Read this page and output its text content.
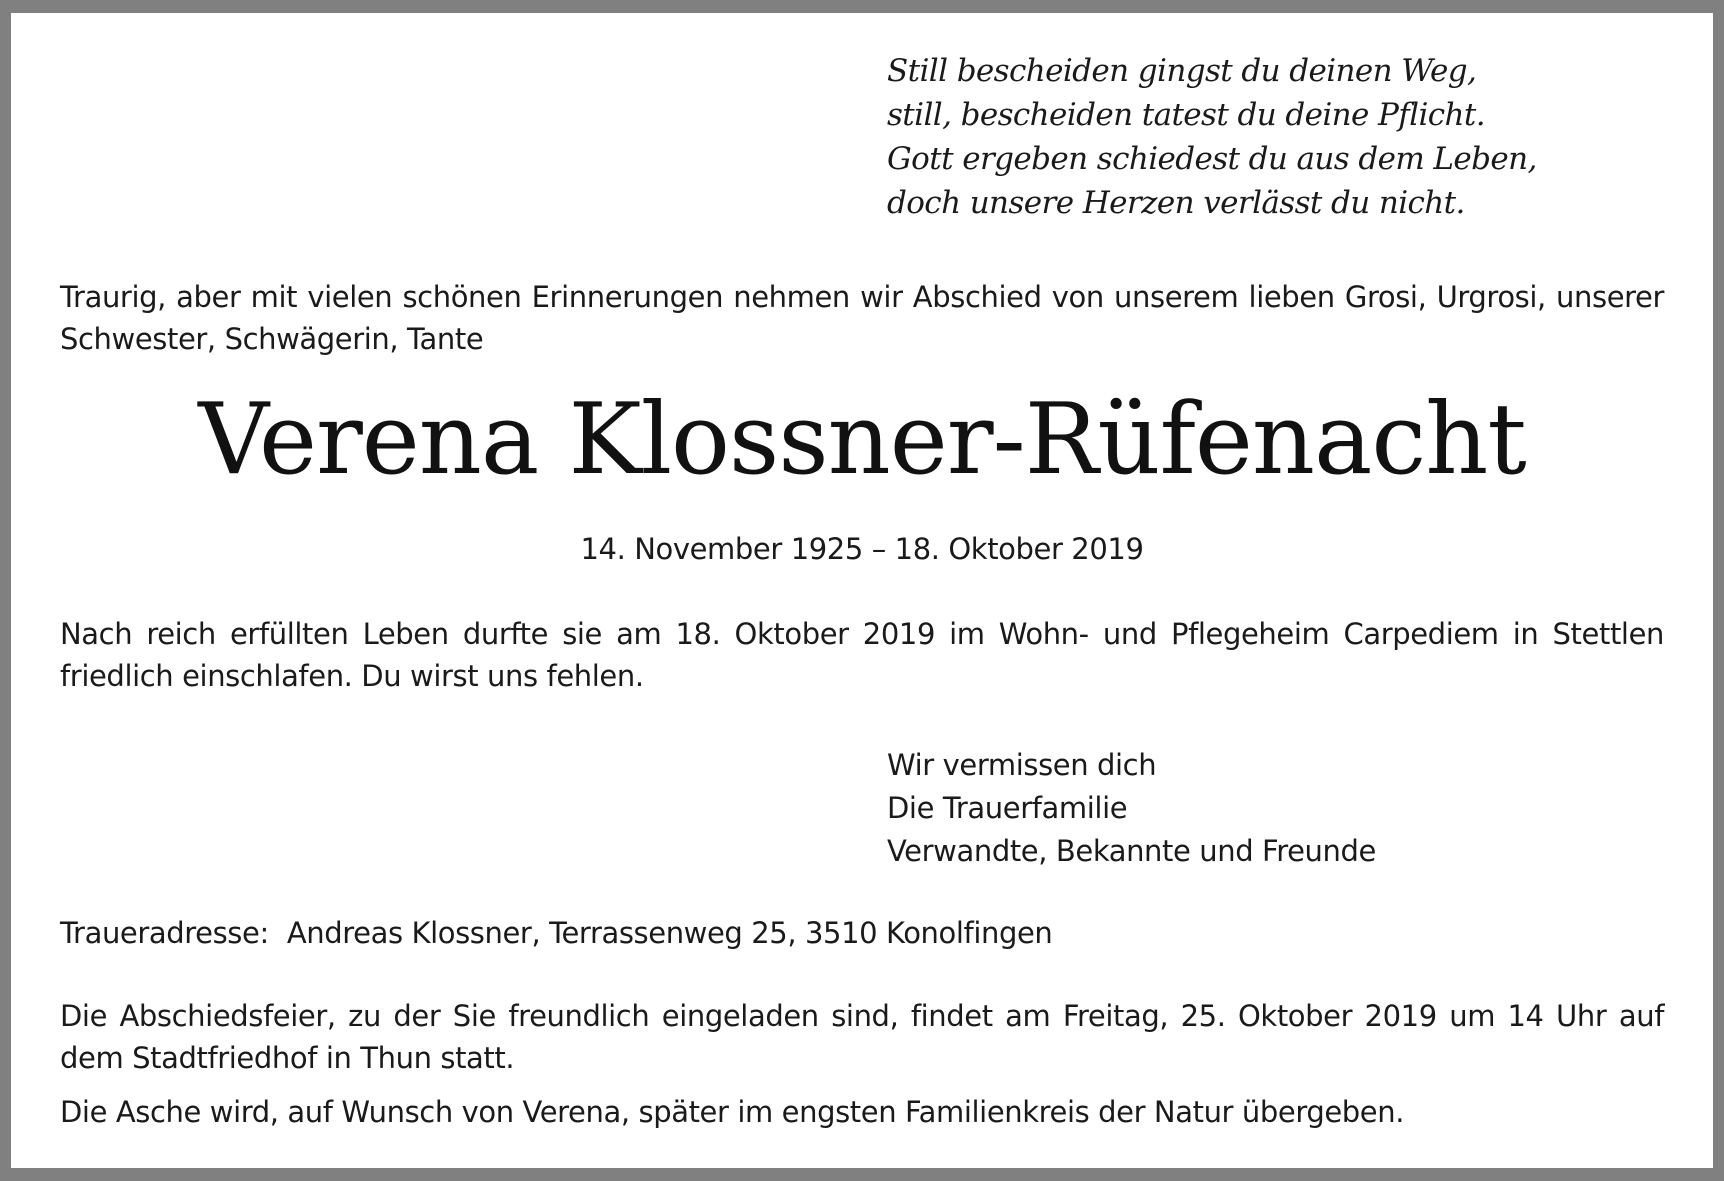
Still bescheiden gingst du deinen Weg,
still, bescheiden tatest du deine Pflicht.
Gott ergeben schiedest du aus dem Leben,
doch unsere Herzen verlässt du nicht.
Traurig, aber mit vielen schönen Erinnerungen nehmen wir Abschied von unserem lieben Grosi, Urgrosi, unserer Schwester, Schwägerin, Tante
Verena Klossner-Rüfenacht
14. November 1925 – 18. Oktober 2019
Nach reich erfüllten Leben durfte sie am 18. Oktober 2019 im Wohn- und Pflegeheim Carpediem in Stettlen friedlich einschlafen. Du wirst uns fehlen.
Wir vermissen dich
Die Trauerfamilie
Verwandte, Bekannte und Freunde
Traueradresse: Andreas Klossner, Terrassenweg 25, 3510 Konolfingen
Die Abschiedsfeier, zu der Sie freundlich eingeladen sind, findet am Freitag, 25. Oktober 2019 um 14 Uhr auf dem Stadtfriedhof in Thun statt.
Die Asche wird, auf Wunsch von Verena, später im engsten Familienkreis der Natur übergeben.
